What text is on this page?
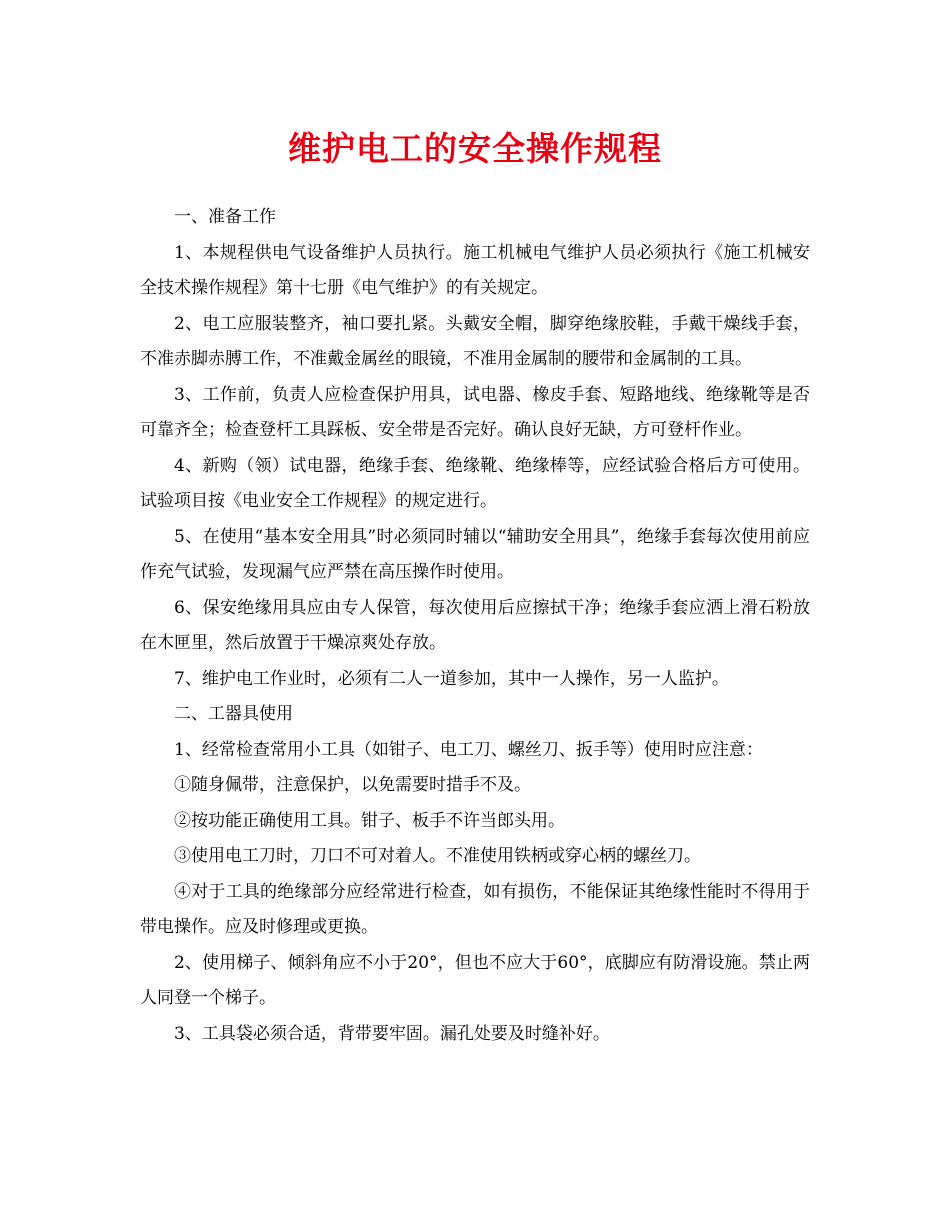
维护电工的安全操作规程

一、准备工作

1、本规程供电气设备维护人员执行。施工机械电气维护人员必须执行《施工机械安全技术操作规程》第十七册《电气维护》的有关规定。

2、电工应服装整齐，袖口要扎紧。头戴安全帽，脚穿绝缘胶鞋，手戴干燥线手套，不准赤脚赤膊工作，不准戴金属丝的眼镜，不准用金属制的腰带和金属制的工具。

3、工作前，负责人应检查保护用具，试电器、橡皮手套、短路地线、绝缘靴等是否可靠齐全；检查登杆工具踩板、安全带是否完好。确认良好无缺，方可登杆作业。

4、新购（领）试电器，绝缘手套、绝缘靴、绝缘棒等，应经试验合格后方可使用。试验项目按《电业安全工作规程》的规定进行。

5、在使用“基本安全用具”时必须同时辅以“辅助安全用具”，绝缘手套每次使用前应作充气试验，发现漏气应严禁在高压操作时使用。

6、保安绝缘用具应由专人保管，每次使用后应擦拭干净；绝缘手套应洒上滑石粉放在木匣里，然后放置于干燥凉爽处存放。

7、维护电工作业时，必须有二人一道参加，其中一人操作，另一人监护。

二、工器具使用

1、经常检查常用小工具（如钳子、电工刀、螺丝刀、扳手等）使用时应注意：

①随身佩带，注意保护，以免需要时措手不及。

②按功能正确使用工具。钳子、板手不许当郎头用。

③使用电工刀时，刀口不可对着人。不准使用铁柄或穿心柄的螺丝刀。

④对于工具的绝缘部分应经常进行检查，如有损伤，不能保证其绝缘性能时不得用于带电操作。应及时修理或更换。

2、使用梯子、倾斜角应不小于20°，但也不应大于60°，底脚应有防滑设施。禁止两人同登一个梯子。

3、工具袋必须合适，背带要牢固。漏孔处要及时缝补好。
